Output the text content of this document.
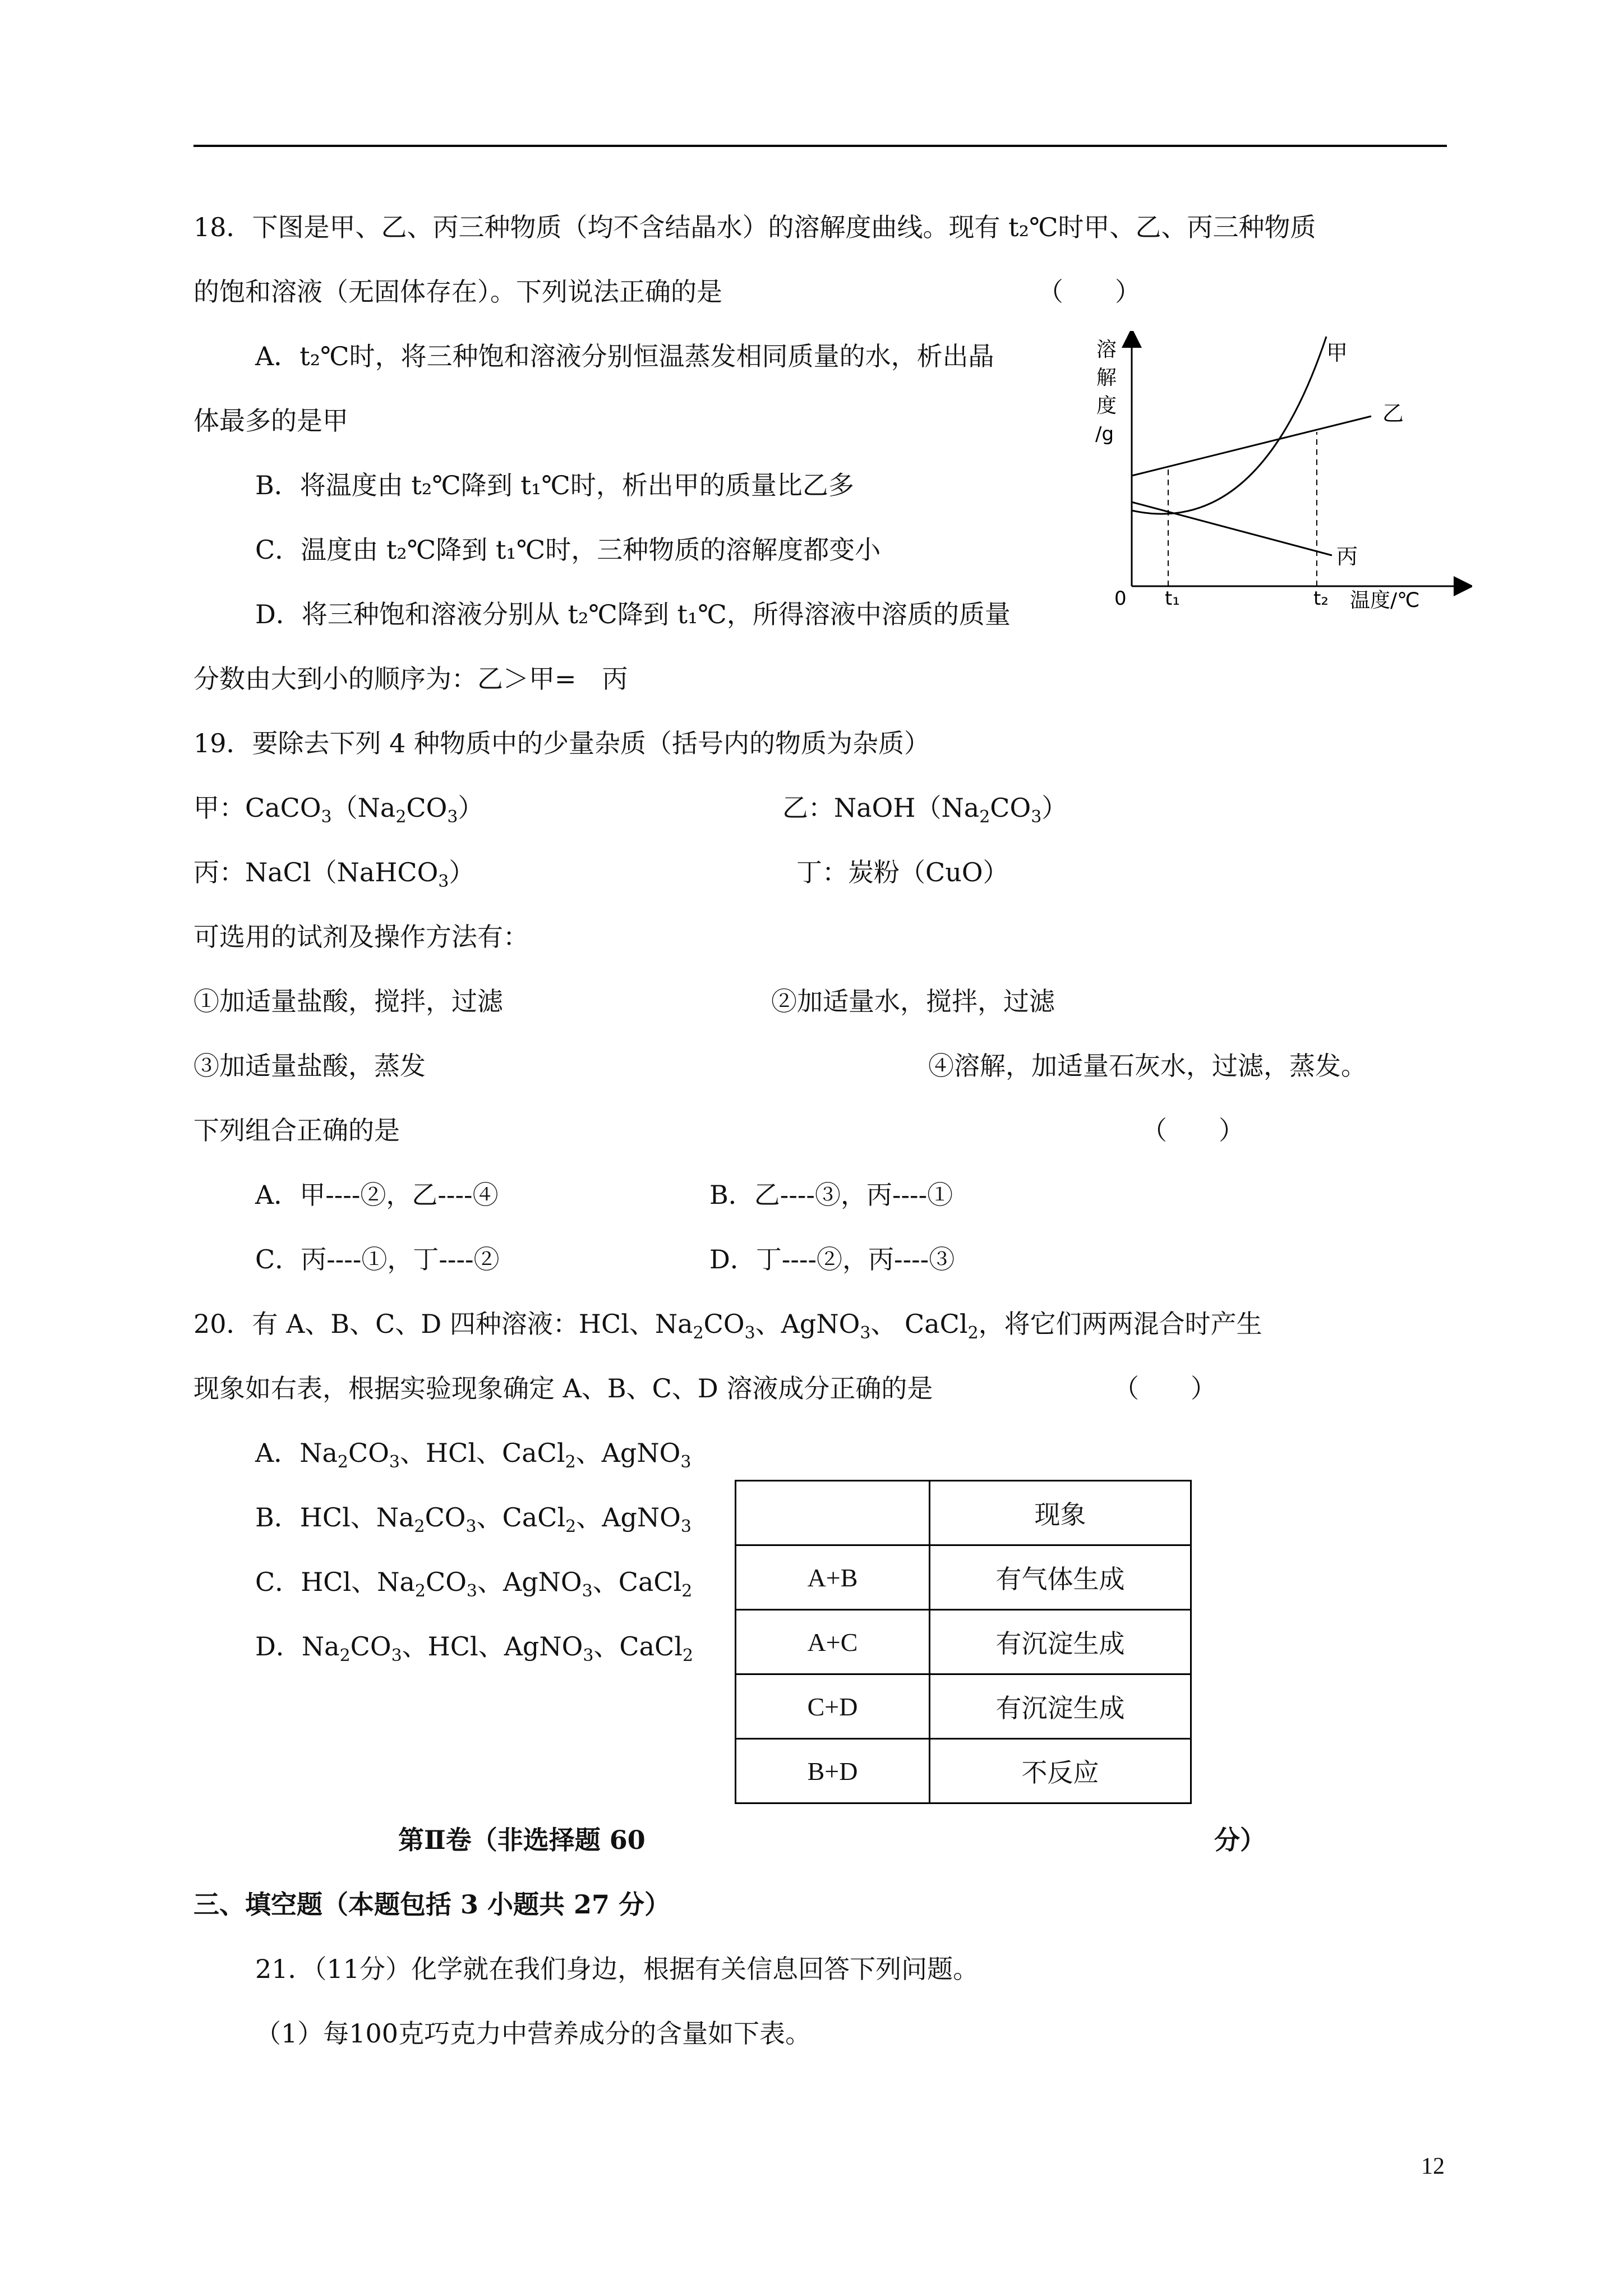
18．下图是甲、乙、丙三种物质（均不含结晶水）的溶解度曲线。现有 t₂℃时甲、乙、丙三种物质
的饱和溶液（无固体存在）。下列说法正确的是	（　　）
A．t₂℃时，将三种饱和溶液分别恒温蒸发相同质量的水，析出晶
体最多的是甲
B．将温度由 t₂℃降到 t₁℃时，析出甲的质量比乙多
C．温度由 t₂℃降到 t₁℃时，三种物质的溶解度都变小
D．将三种饱和溶液分别从 t₂℃降到 t₁℃，所得溶液中溶质的质量
分数由大到小的顺序为：乙＞甲=　丙
溶
解
度
/g
0 t₁	t₂ 温度/℃
甲
乙
丙
19．要除去下列 4 种物质中的少量杂质（括号内的物质为杂质）
甲：$CaCO_3(Na_2CO_3)$	乙：$NaOH(Na_2CO_3)$
丙：NaCl（NaHCO$_3$）	丁：炭粉（CuO）
可选用的试剂及操作方法有：
①加适量盐酸，搅拌，过滤	②加适量水，搅拌，过滤
③加适量盐酸，蒸发	④溶解，加适量石灰水，过滤，蒸发。
下列组合正确的是	（　　）
A．甲----②，乙----④	B．乙----③，丙----①
C．丙----①，丁----②	D．丁----②，丙----③
20．有 A、B、C、D 四种溶液：HCl、$Na_2CO_3$、AgNO$_3$、 CaCl$_2$，将它们两两混合时产生
现象如右表，根据实验现象确定 A、B、C、D 溶液成分正确的是	（　　）
A．$Na_2CO_3$、HCl、CaCl$_2$、AgNO$_3$
B．HCl、$Na_2CO_3$、CaCl$_2$、AgNO$_3$
C．HCl、$Na_2CO_3$、AgNO$_3$、CaCl$_2$
D．$Na_2CO_3$、HCl、AgNO$_3$、CaCl$_2$
	现象
A+B	有气体生成
A+C	有沉淀生成
C+D	有沉淀生成
B+D	不反应
第Ⅱ卷（非选择题 60	分）
三、填空题（本题包括 3 小题共 27 分）
21．（11分）化学就在我们身边，根据有关信息回答下列问题。
（1）每100克巧克力中营养成分的含量如下表。
12
